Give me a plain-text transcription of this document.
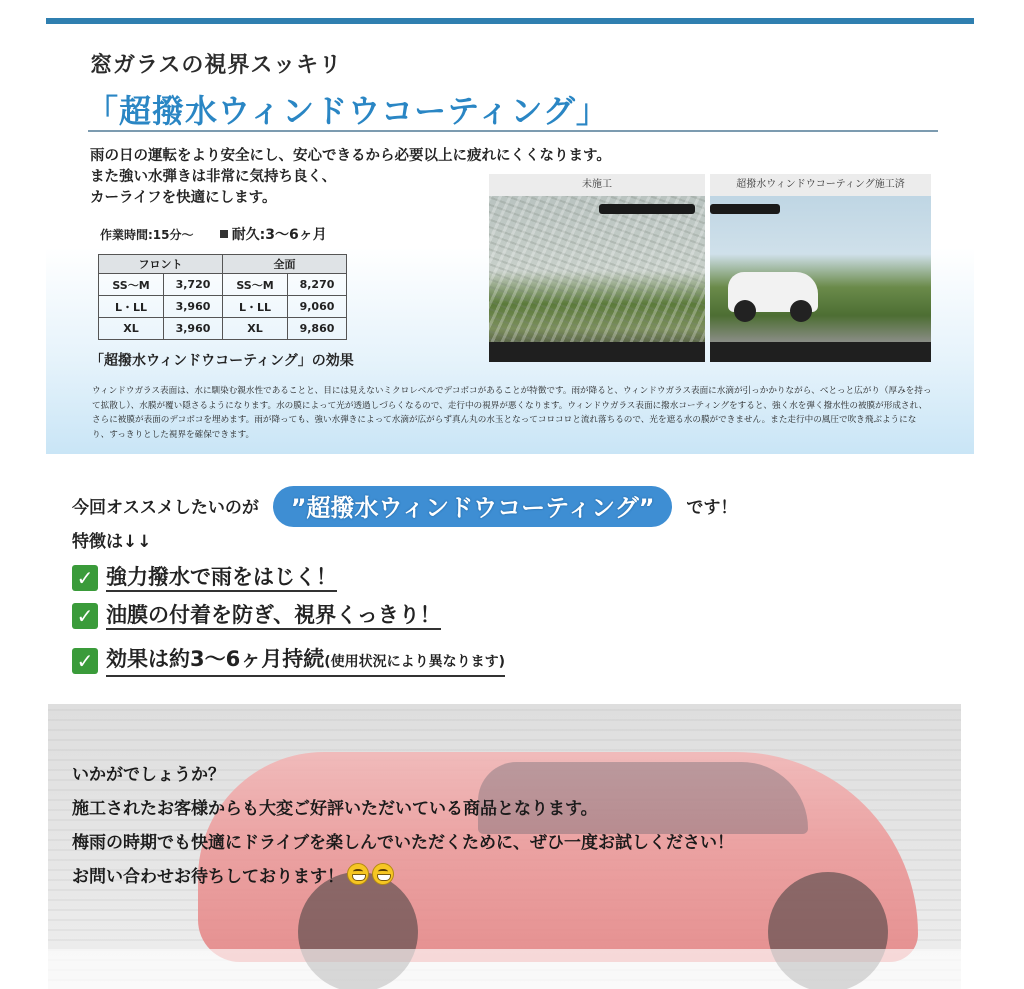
窓ガラスの視界スッキリ
「超撥水ウィンドウコーティング」
雨の日の運転をより安全にし、安心できるから必要以上に疲れにくくなります。
また強い水弾きは非常に気持ち良く、
カーライフを快適にします。
作業時間:15分～	耐久:3～6ヶ月
フロント		全面	
SS～M	3,720	SS～M	8,270
L・LL	3,960	L・LL	9,060
XL	3,960	XL	9,860
未施工	超撥水ウィンドウコーティング施工済
「超撥水ウィンドウコーティング」の効果
ウィンドウガラス表面は、水に馴染む親水性であることと、目には見えないミクロレベルでデコボコがあることが特徴です。雨が降ると、ウィンドウガラス表面に水滴が引っかかりながら、べとっと広がり（厚みを持って拡散し）、水膜が覆い隠さるようになります。水の膜によって光が透過しづらくなるので、走行中の視界が悪くなります。ウィンドウガラス表面に撥水コーティングをすると、強く水を弾く撥水性の被膜が形成され、さらに被膜が表面のデコボコを埋めます。雨が降っても、強い水弾きによって水滴が広がらず真ん丸の水玉となってコロコロと流れ落ちるので、光を遮る水の膜ができません。また走行中の風圧で吹き飛ぶようになり、すっきりとした視界を確保できます。
今回オススメしたいのが ”超撥水ウィンドウコーティング” です！
特徴は↓↓
✓ 強力撥水で雨をはじく！
✓ 油膜の付着を防ぎ、視界くっきり！
✓ 効果は約3～6ヶ月持続(使用状況により異なります)
いかがでしょうか？
施工されたお客様からも大変ご好評いただいている商品となります。
梅雨の時期でも快適にドライブを楽しんでいただくために、ぜひ一度お試しください！
お問い合わせお待ちしております！
